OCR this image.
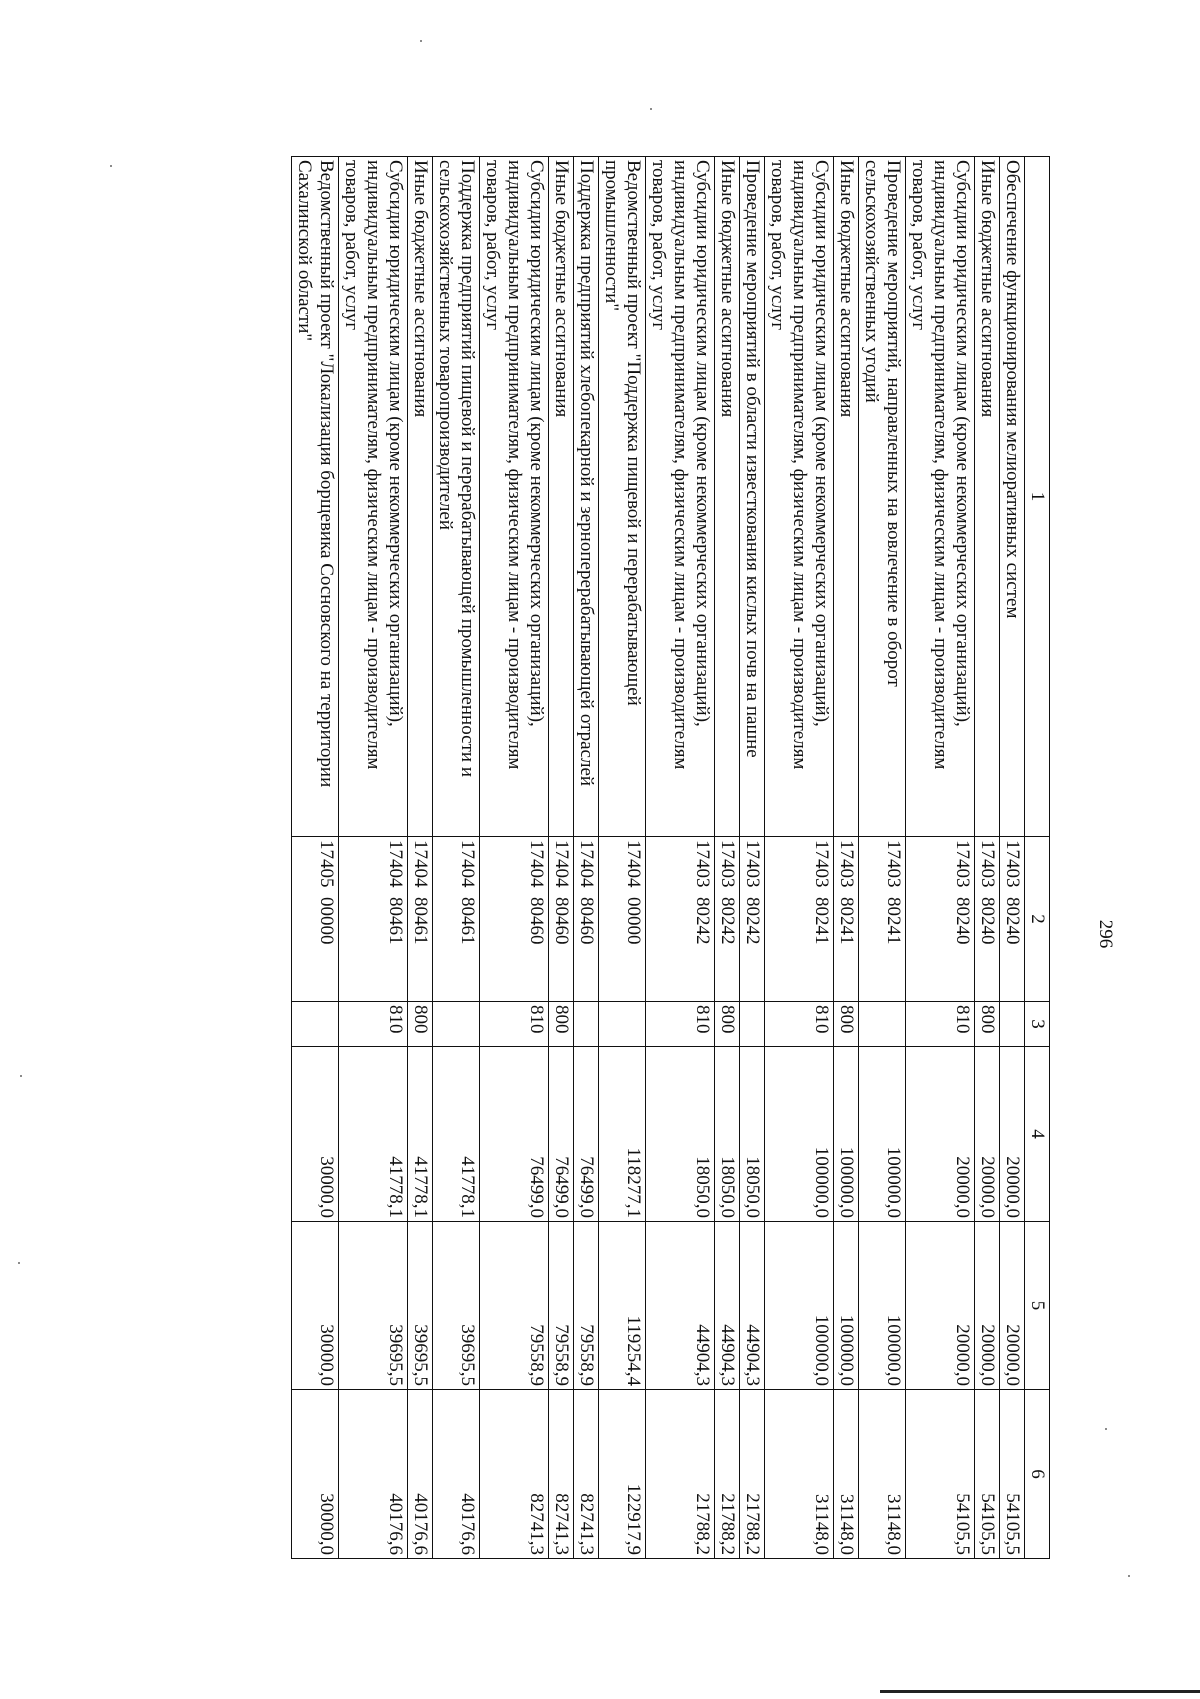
296
1	2	3	4	5	6
Обеспечение функционирования мелиоративных систем	17403  80240		20000,0	20000,0	54105,5
Иные бюджетные ассигнования	17403  80240	800	20000,0	20000,0	54105,5
Субсидии юридическим лицам (кроме некоммерческих организаций), индивидуальным предпринимателям, физическим лицам - производителям товаров, работ, услуг	17403  80240	810	20000,0	20000,0	54105,5
Проведение мероприятий, направленных на вовлечение в оборот сельскохозяйственных угодий	17403  80241		100000,0	100000,0	31148,0
Иные бюджетные ассигнования	17403  80241	800	100000,0	100000,0	31148,0
Субсидии юридическим лицам (кроме некоммерческих организаций), индивидуальным предпринимателям, физическим лицам - производителям товаров, работ, услуг	17403  80241	810	100000,0	100000,0	31148,0
Проведение мероприятий в области известкования кислых почв на пашне	17403  80242		18050,0	44904,3	21788,2
Иные бюджетные ассигнования	17403  80242	800	18050,0	44904,3	21788,2
Субсидии юридическим лицам (кроме некоммерческих организаций), индивидуальным предпринимателям, физическим лицам - производителям товаров, работ, услуг	17403  80242	810	18050,0	44904,3	21788,2
Ведомственный проект "Поддержка пищевой и перерабатывающей промышленности"	17404  00000		118277,1	119254,4	122917,9
Поддержка предприятий хлебопекарной и зерноперерабатывающей отраслей	17404  80460		76499,0	79558,9	82741,3
Иные бюджетные ассигнования	17404  80460	800	76499,0	79558,9	82741,3
Субсидии юридическим лицам (кроме некоммерческих организаций), индивидуальным предпринимателям, физическим лицам - производителям товаров, работ, услуг	17404  80460	810	76499,0	79558,9	82741,3
Поддержка предприятий пищевой и перерабатывающей промышленности и сельскохозяйственных товаропроизводителей	17404  80461		41778,1	39695,5	40176,6
Иные бюджетные ассигнования	17404  80461	800	41778,1	39695,5	40176,6
Субсидии юридическим лицам (кроме некоммерческих организаций), индивидуальным предпринимателям, физическим лицам - производителям товаров, работ, услуг	17404  80461	810	41778,1	39695,5	40176,6
Ведомственный проект "Локализация борщевика Сосновского на территории Сахалинской области"	17405  00000		30000,0	30000,0	30000,0
